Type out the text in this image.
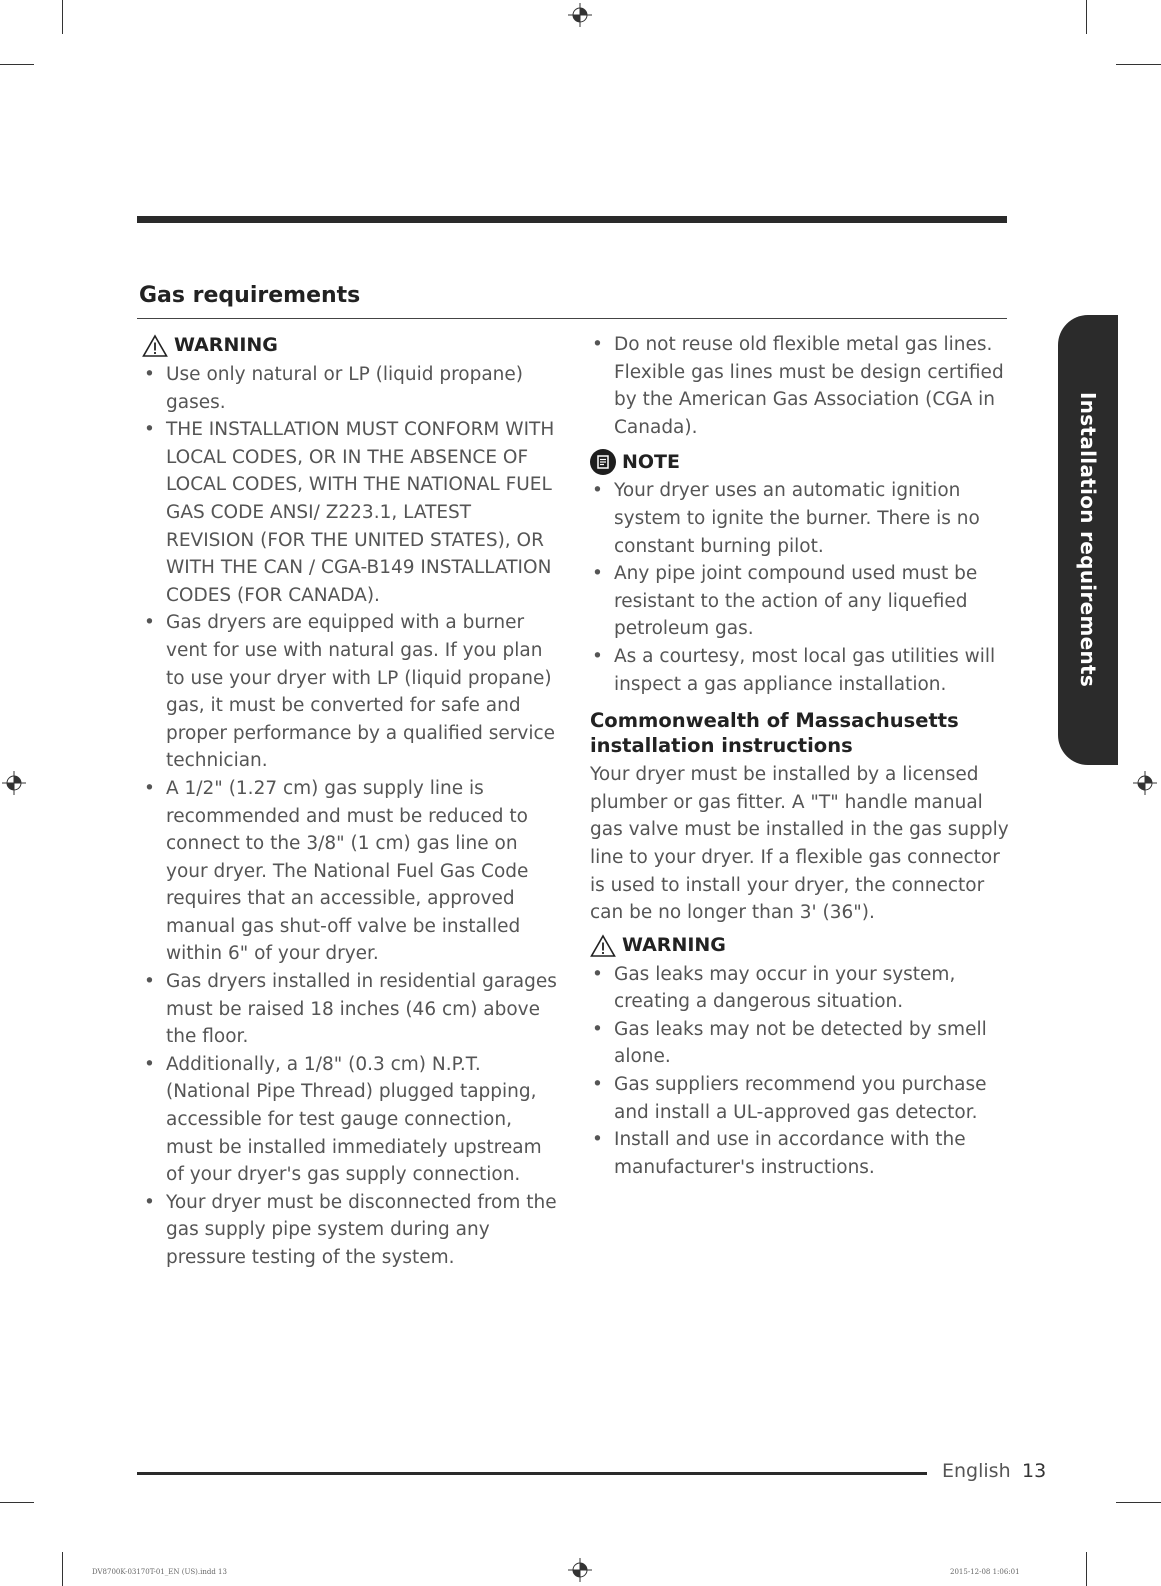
Gas requirements
WARNING
• Use only natural or LP (liquid propane) gases.
• THE INSTALLATION MUST CONFORM WITH LOCAL CODES, OR IN THE ABSENCE OF LOCAL CODES, WITH THE NATIONAL FUEL GAS CODE ANSI/ Z223.1, LATEST REVISION (FOR THE UNITED STATES), OR WITH THE CAN / CGA-B149 INSTALLATION CODES (FOR CANADA).
• Gas dryers are equipped with a burner vent for use with natural gas. If you plan to use your dryer with LP (liquid propane) gas, it must be converted for safe and proper performance by a qualified service technician.
• A 1/2" (1.27 cm) gas supply line is recommended and must be reduced to connect to the 3/8" (1 cm) gas line on your dryer. The National Fuel Gas Code requires that an accessible, approved manual gas shut-off valve be installed within 6" of your dryer.
• Gas dryers installed in residential garages must be raised 18 inches (46 cm) above the floor.
• Additionally, a 1/8" (0.3 cm) N.P.T. (National Pipe Thread) plugged tapping, accessible for test gauge connection, must be installed immediately upstream of your dryer's gas supply connection.
• Your dryer must be disconnected from the gas supply pipe system during any pressure testing of the system.
• Do not reuse old flexible metal gas lines. Flexible gas lines must be design certified by the American Gas Association (CGA in Canada).
NOTE
• Your dryer uses an automatic ignition system to ignite the burner. There is no constant burning pilot.
• Any pipe joint compound used must be resistant to the action of any liquefied petroleum gas.
• As a courtesy, most local gas utilities will inspect a gas appliance installation.
Commonwealth of Massachusetts installation instructions

Your dryer must be installed by a licensed plumber or gas fitter. A "T" handle manual gas valve must be installed in the gas supply line to your dryer. If a flexible gas connector is used to install your dryer, the connector can be no longer than 3' (36").

WARNING
• Gas leaks may occur in your system, creating a dangerous situation.
• Gas leaks may not be detected by smell alone.
• Gas suppliers recommend you purchase and install a UL-approved gas detector.
• Install and use in accordance with the manufacturer's instructions.
Installation requirements
English 13
DV8700K-03170T-01_EN (US).indd 13	2015-12-08 1:06:01
